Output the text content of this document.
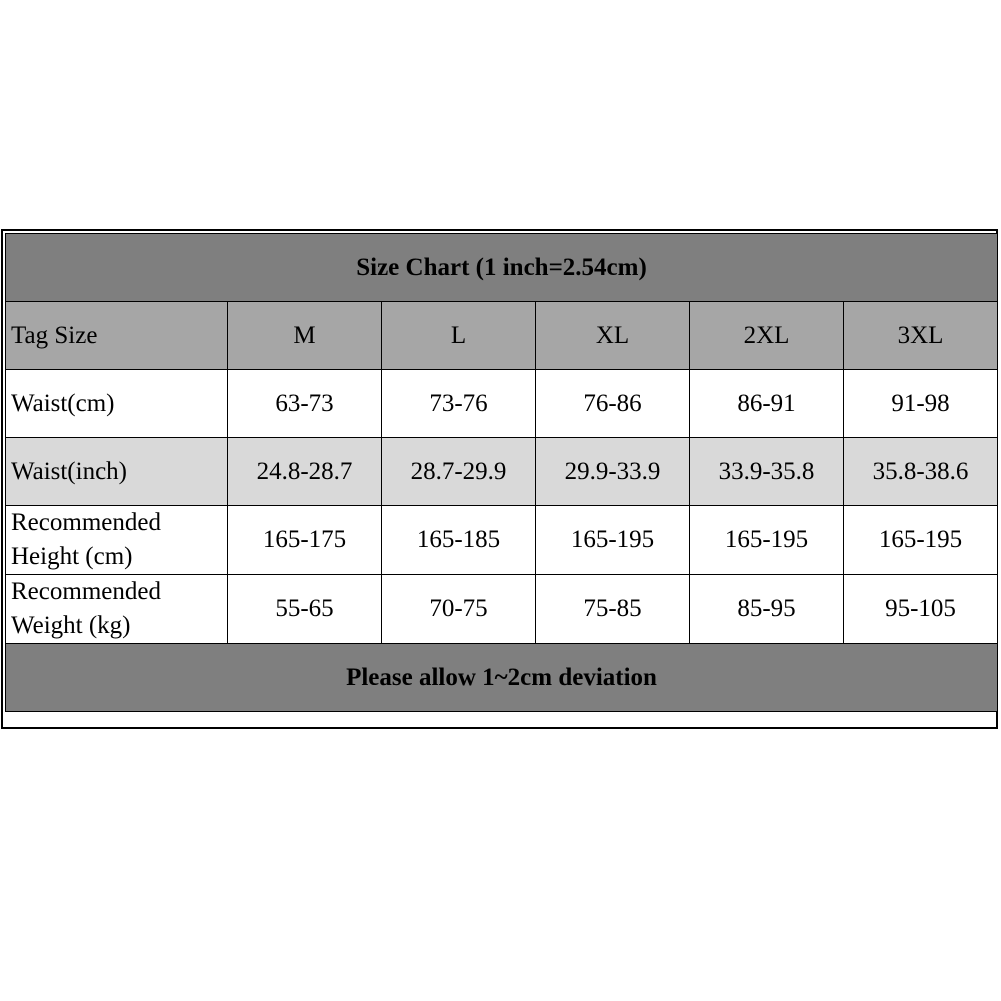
Size Chart (1 inch=2.54cm)					
Tag Size	M	L	XL	2XL	3XL

Waist(cm)	63-73	73-76	76-86	86-91	91-98

Waist(inch)	24.8-28.7	28.7-29.9	29.9-33.9	33.9-35.8	35.8-38.6

Recommended
Height (cm)	165-175	165-185	165-195	165-195	165-195

Recommended
Weight (kg)	55-65	70-75	75-85	85-95	95-105
Please allow 1~2cm deviation					
